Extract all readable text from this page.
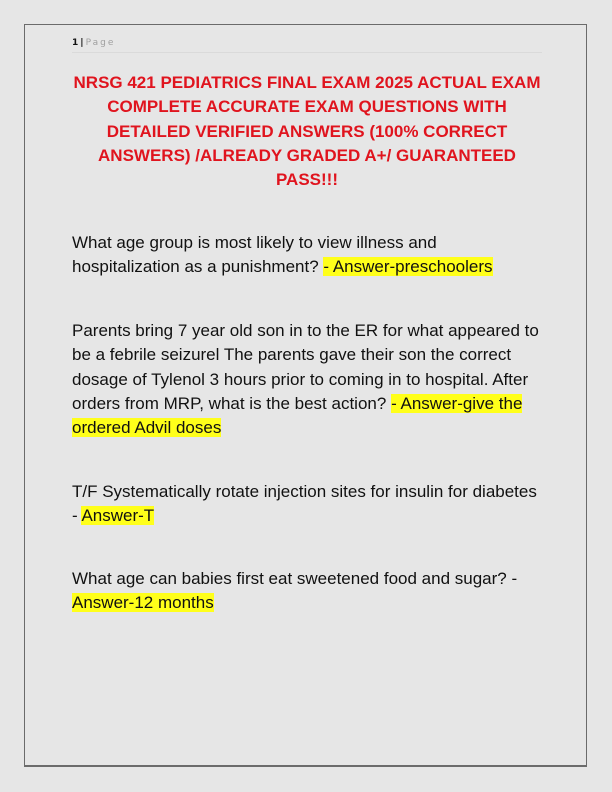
1 | Page
NRSG 421 PEDIATRICS FINAL EXAM 2025 ACTUAL EXAM COMPLETE ACCURATE EXAM QUESTIONS WITH DETAILED VERIFIED ANSWERS (100% CORRECT ANSWERS) /ALREADY GRADED A+/ GUARANTEED PASS!!!

What age group is most likely to view illness and hospitalization as a punishment? - Answer-preschoolers

Parents bring 7 year old son in to the ER for what appeared to be a febrile seizurel The parents gave their son the correct dosage of Tylenol 3 hours prior to coming in to hospital. After orders from MRP, what is the best action? - Answer-give the ordered Advil doses

T/F Systematically rotate injection sites for insulin for diabetes - Answer-T

What age can babies first eat sweetened food and sugar? - Answer-12 months
